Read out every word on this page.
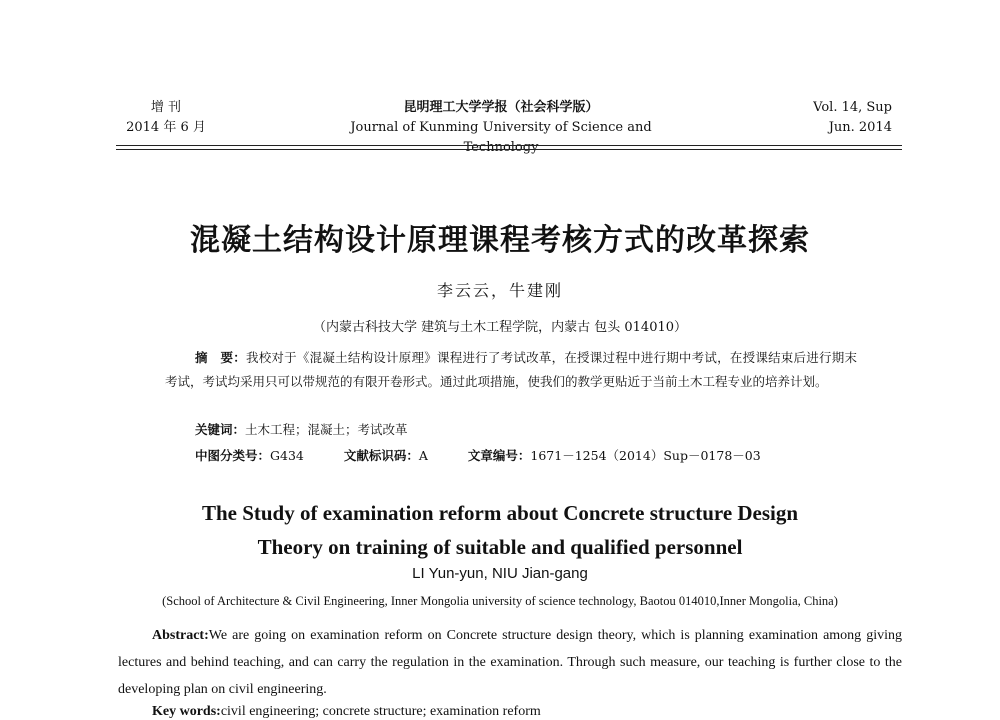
增 刊
2014 年 6 月
昆明理工大学学报（社会科学版）
Journal of Kunming University of Science and Technology
Vol. 14, Sup
Jun. 2014
混凝土结构设计原理课程考核方式的改革探索
李云云，牛建刚
（内蒙古科技大学 建筑与土木工程学院，内蒙古 包头 014010）
摘　要：我校对于《混凝土结构设计原理》课程进行了考试改革，在授课过程中进行期中考试，在授课结束后进行期末考试，考试均采用只可以带规范的有限开卷形式。通过此项措施，使我们的教学更贴近于当前土木工程专业的培养计划。
关键词：土木工程；混凝土；考试改革
中图分类号：G434	文献标识码：A	文章编号：1671－1254（2014）Sup－0178－03
The Study of examination reform about Concrete structure Design
Theory on training of suitable and qualified personnel
LI Yun-yun, NIU Jian-gang
(School of Architecture & Civil Engineering, Inner Mongolia university of science technology, Baotou 014010,Inner Mongolia, China)
Abstract:We are going on examination reform on Concrete structure design theory, which is planning examination among giving lectures and behind teaching, and can carry the regulation in the examination. Through such measure, our teaching is further close to the developing plan on civil engineering.
Key words:civil engineering; concrete structure; examination reform
